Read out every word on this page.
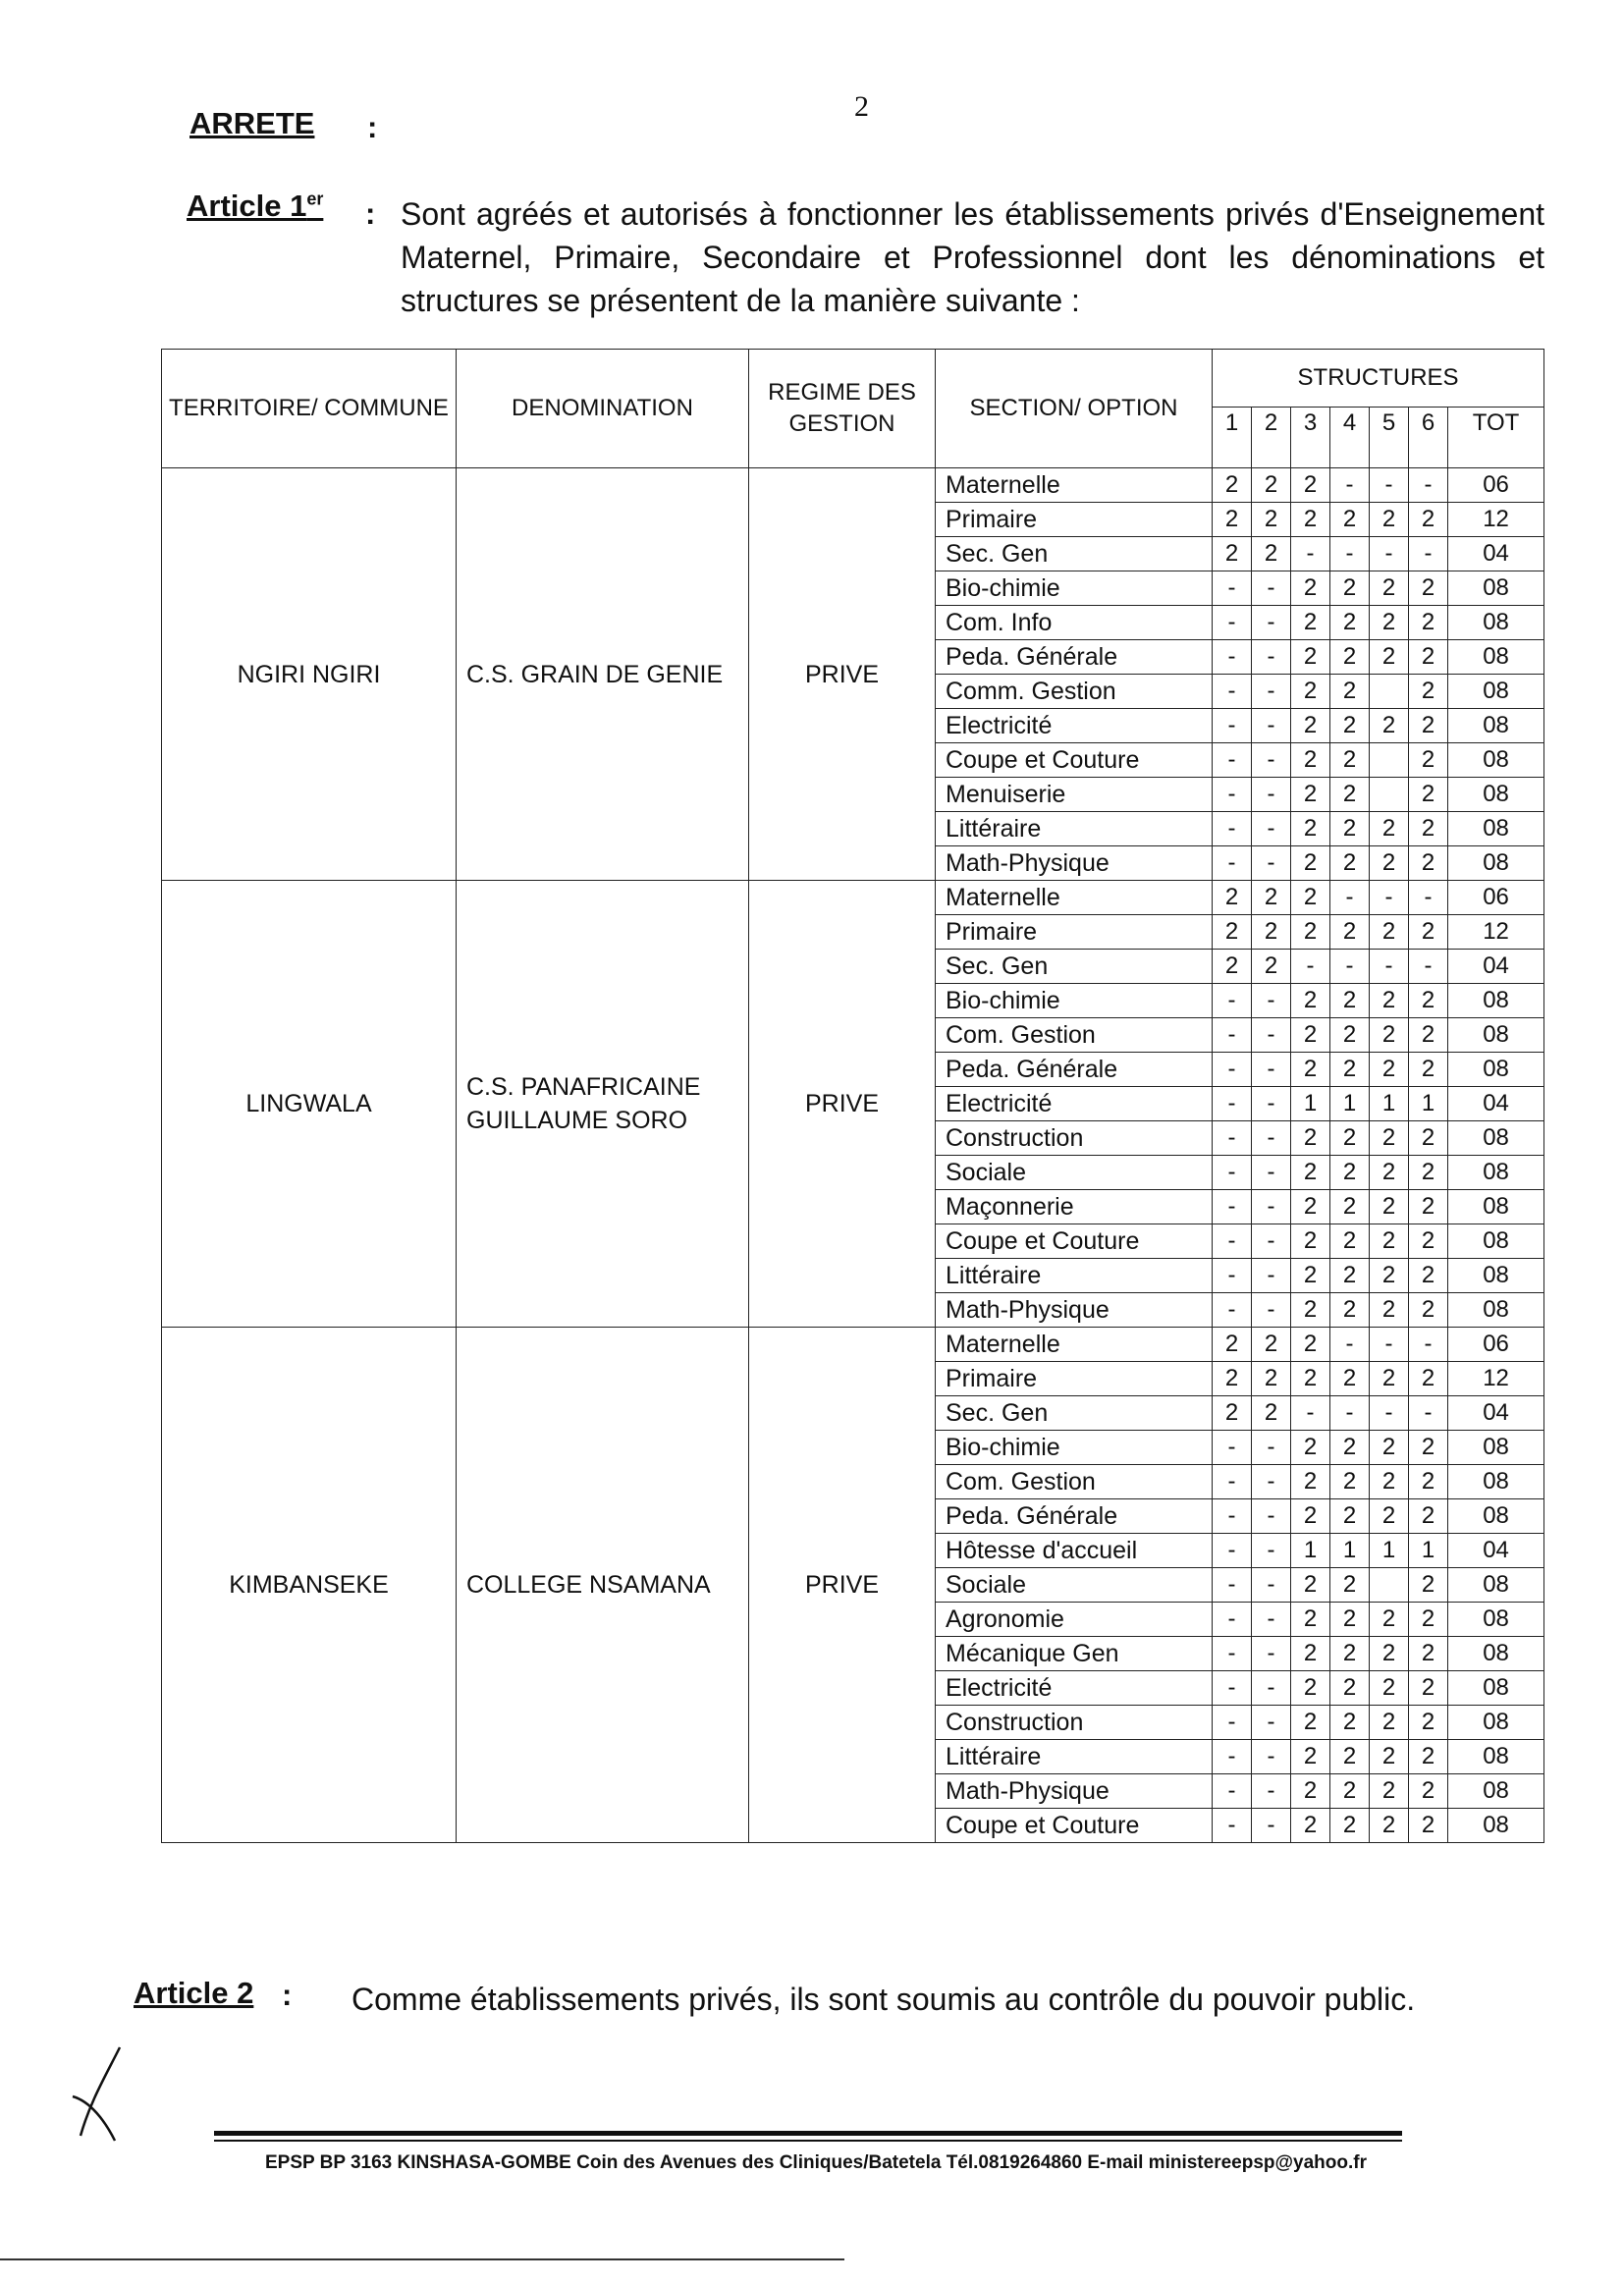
2
ARRETE :
Article 1er : Sont agréés et autorisés à fonctionner les établissements privés d'Enseignement Maternel, Primaire, Secondaire et Professionnel dont les dénominations et structures se présentent de la manière suivante :
TERRITOIRE/ COMMUNE	DENOMINATION	REGIME DES GESTION	SECTION/ OPTION	STRUCTURES						
				1	2	3	4	5	6	TOT
NGIRI NGIRI	C.S. GRAIN DE GENIE	PRIVE	Maternelle	2	2	2	-	-	-	06
			Primaire	2	2	2	2	2	2	12
			Sec. Gen	2	2	-	-	-	-	04
			Bio-chimie	-	-	2	2	2	2	08
			Com. Info	-	-	2	2	2	2	08
			Peda. Générale	-	-	2	2	2	2	08
			Comm. Gestion	-	-	2	2		2	08
			Electricité	-	-	2	2	2	2	08
			Coupe et Couture	-	-	2	2		2	08
			Menuiserie	-	-	2	2		2	08
			Littéraire	-	-	2	2	2	2	08
			Math-Physique	-	-	2	2	2	2	08
LINGWALA	C.S. PANAFRICAINE GUILLAUME SORO	PRIVE	Maternelle	2	2	2	-	-	-	06
			Primaire	2	2	2	2	2	2	12
			Sec. Gen	2	2	-	-	-	-	04
			Bio-chimie	-	-	2	2	2	2	08
			Com. Gestion	-	-	2	2	2	2	08
			Peda. Générale	-	-	2	2	2	2	08
			Electricité	-	-	1	1	1	1	04
			Construction	-	-	2	2	2	2	08
			Sociale	-	-	2	2	2	2	08
			Maçonnerie	-	-	2	2	2	2	08
			Coupe et Couture	-	-	2	2	2	2	08
			Littéraire	-	-	2	2	2	2	08
			Math-Physique	-	-	2	2	2	2	08
KIMBANSEKE	COLLEGE NSAMANA	PRIVE	Maternelle	2	2	2	-	-	-	06
			Primaire	2	2	2	2	2	2	12
			Sec. Gen	2	2	-	-	-	-	04
			Bio-chimie	-	-	2	2	2	2	08
			Com. Gestion	-	-	2	2	2	2	08
			Peda. Générale	-	-	2	2	2	2	08
			Hôtesse d'accueil	-	-	1	1	1	1	04
			Sociale	-	-	2	2		2	08
			Agronomie	-	-	2	2	2	2	08
			Mécanique Gen	-	-	2	2	2	2	08
			Electricité	-	-	2	2	2	2	08
			Construction	-	-	2	2	2	2	08
			Littéraire	-	-	2	2	2	2	08
			Math-Physique	-	-	2	2	2	2	08
			Coupe et Couture	-	-	2	2	2	2	08
Article 2 : Comme établissements privés, ils sont soumis au contrôle du pouvoir public.
EPSP BP 3163 KINSHASA-GOMBE Coin des Avenues des Cliniques/Batetela Tél.0819264860 E-mail ministereepsp@yahoo.fr
